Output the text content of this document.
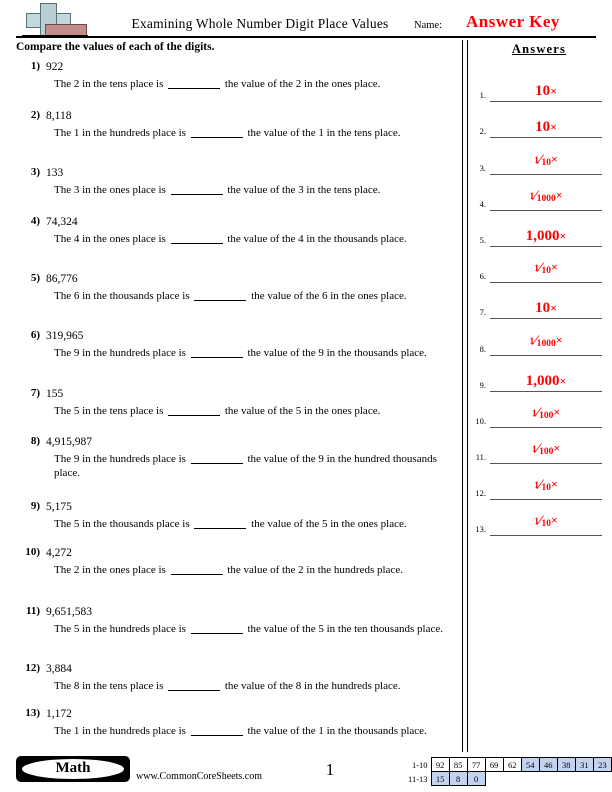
Examining Whole Number Digit Place Values	Name: Answer Key
Compare the values of each of the digits.
1) 922
The 2 in the tens place is	the value of the 2 in the ones place.
2) 8,118
The 1 in the hundreds place is	the value of the 1 in the tens place.
3) 133
The 3 in the ones place is	the value of the 3 in the tens place.
4) 74,324
The 4 in the ones place is	the value of the 4 in the thousands place.
5) 86,776
The 6 in the thousands place is	the value of the 6 in the ones place.
6) 319,965
The 9 in the hundreds place is	the value of the 9 in the thousands place.
7) 155
The 5 in the tens place is	the value of the 5 in the ones place.
8) 4,915,987
The 9 in the hundreds place is	the value of the 9 in the hundred thousands place.
9) 5,175
The 5 in the thousands place is	the value of the 5 in the ones place.
10) 4,272
The 2 in the ones place is	the value of the 2 in the hundreds place.
11) 9,651,583
The 5 in the hundreds place is	the value of the 5 in the ten thousands place.
12) 3,884
The 8 in the tens place is	the value of the 8 in the hundreds place.
13) 1,172
The 1 in the hundreds place is	the value of the 1 in the thousands place.
Answers
1.	10×
2.	10×
3.
$^1⁄_{10}\times$
4.
$^1⁄_{1000}\times$
5.	1,000×
6.
$^1⁄_{10}\times$
7.	10×
8.
$^1⁄_{1000}\times$
9.	1,000×
10.
$^1⁄_{100}\times$
11.
$^1⁄_{100}\times$
12.
$^1⁄_{10}\times$
13.
$^1⁄_{10}\times$
Math
www.CommonCoreSheets.com	1	1-10	92	85	77	69	62	54	46	38	31	23
11-13	15	8	0							
